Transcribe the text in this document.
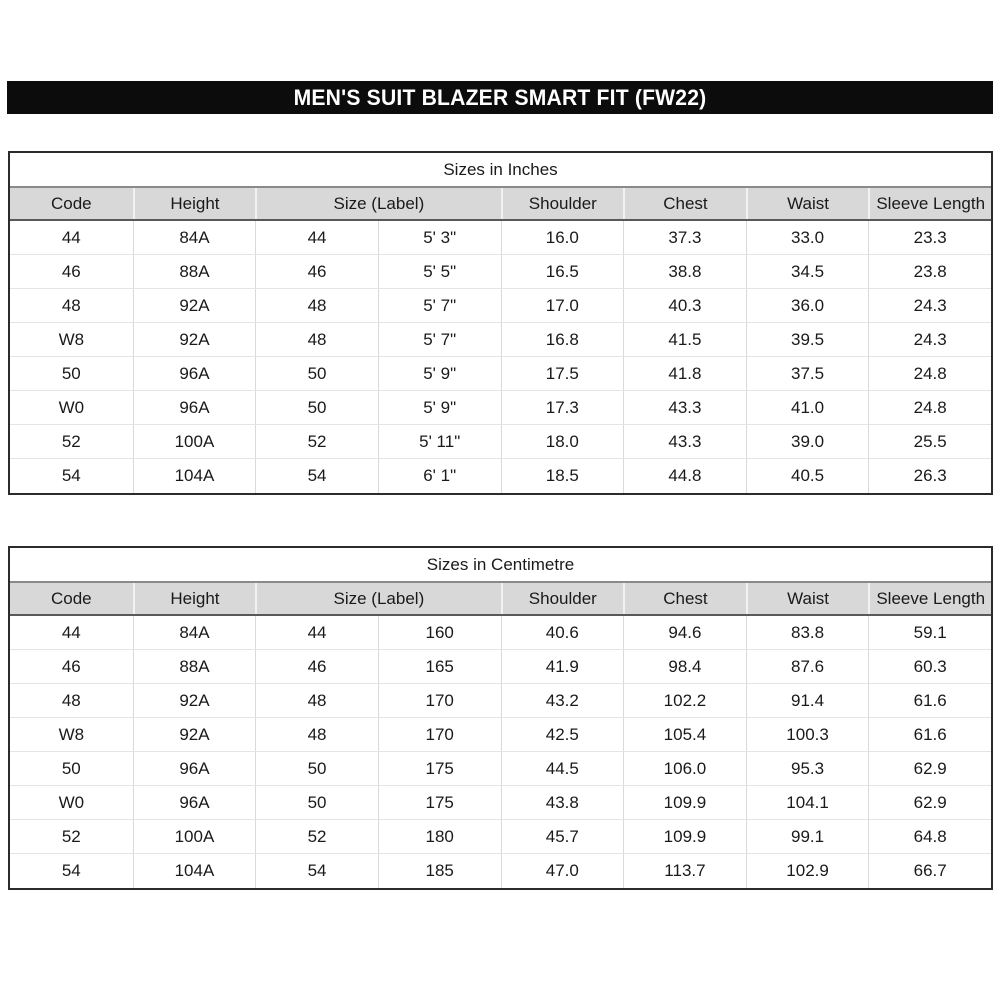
MEN'S SUIT BLAZER SMART FIT (FW22)
Sizes in Inches
Code	Height	Size (Label)	Shoulder	Chest	Waist	Sleeve Length
44	84A	44	5' 3"	16.0	37.3	33.0	23.3
46	88A	46	5' 5"	16.5	38.8	34.5	23.8
48	92A	48	5' 7"	17.0	40.3	36.0	24.3
W8	92A	48	5' 7"	16.8	41.5	39.5	24.3
50	96A	50	5' 9"	17.5	41.8	37.5	24.8
W0	96A	50	5' 9"	17.3	43.3	41.0	24.8
52	100A	52	5' 11"	18.0	43.3	39.0	25.5
54	104A	54	6' 1"	18.5	44.8	40.5	26.3
Sizes in Centimetre
Code	Height	Size (Label)	Shoulder	Chest	Waist	Sleeve Length
44	84A	44	160	40.6	94.6	83.8	59.1
46	88A	46	165	41.9	98.4	87.6	60.3
48	92A	48	170	43.2	102.2	91.4	61.6
W8	92A	48	170	42.5	105.4	100.3	61.6
50	96A	50	175	44.5	106.0	95.3	62.9
W0	96A	50	175	43.8	109.9	104.1	62.9
52	100A	52	180	45.7	109.9	99.1	64.8
54	104A	54	185	47.0	113.7	102.9	66.7
